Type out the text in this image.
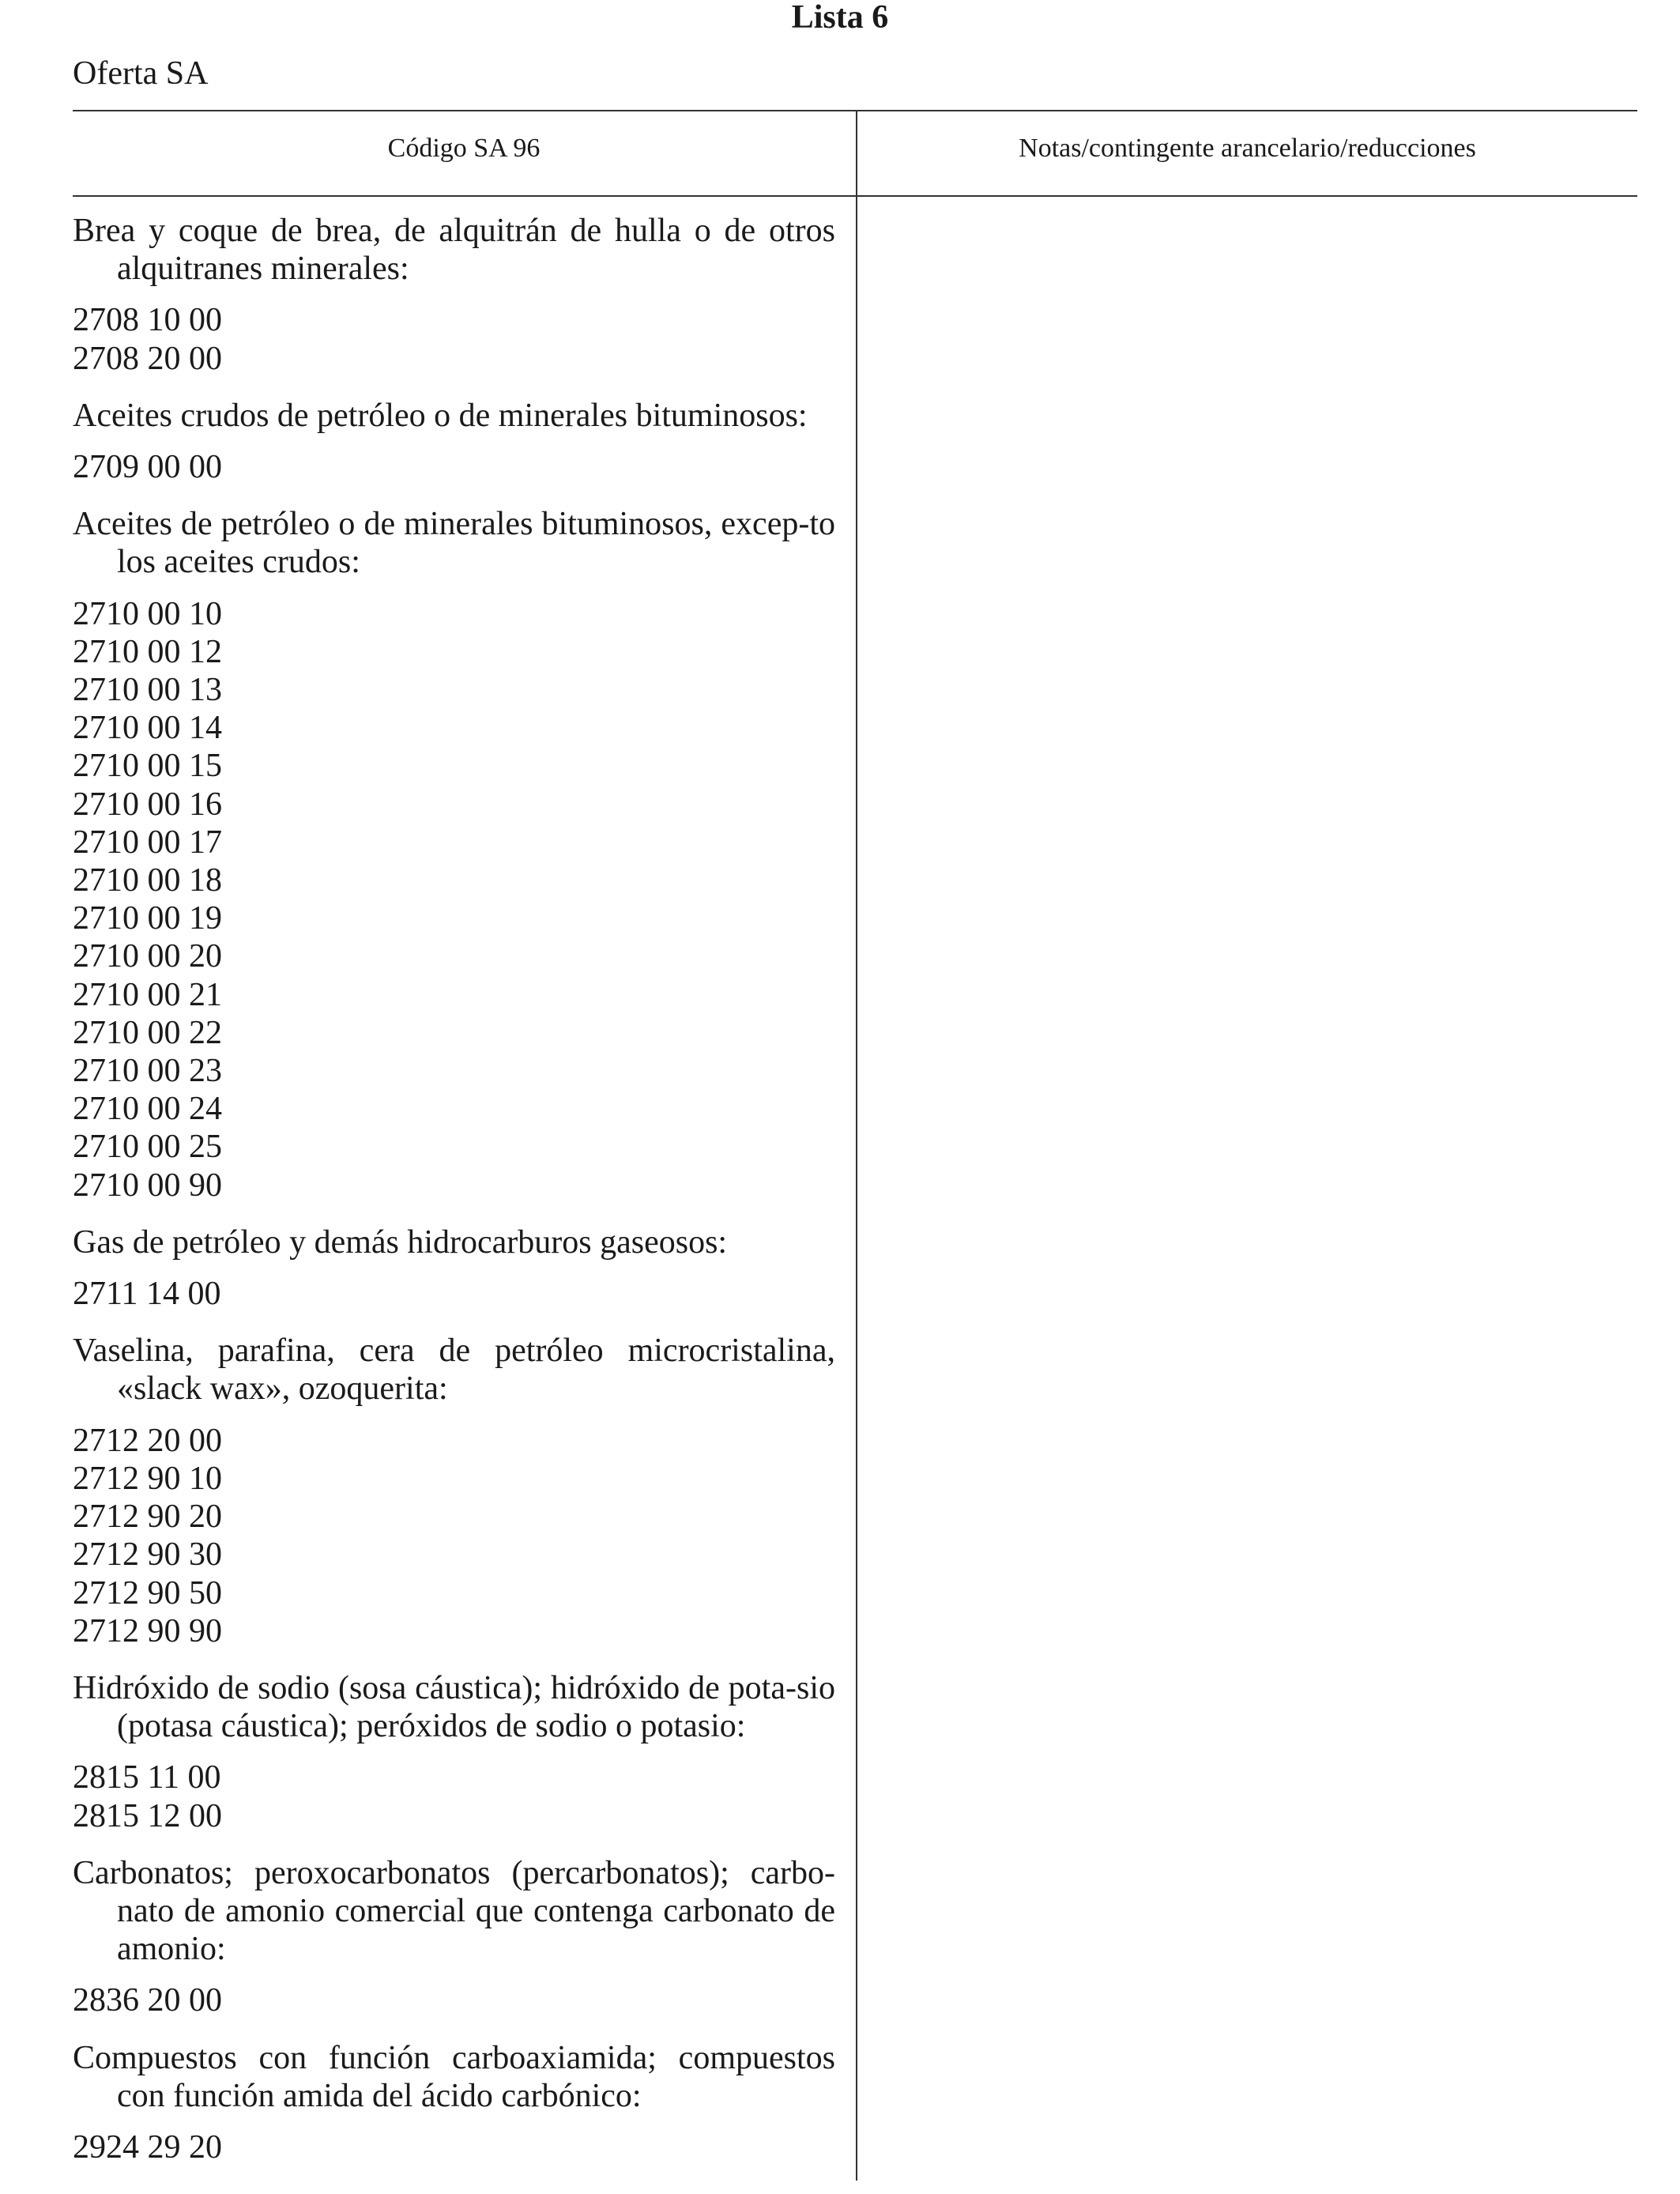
Lista 6
Oferta SA
Código SA 96	Notas/contingente arancelario/reducciones

Brea y coque de brea, de alquitrán de hulla o de otros alquitranes minerales:

2708 10 00
2708 20 00

Aceites crudos de petróleo o de minerales bituminosos:

2709 00 00

Aceites de petróleo o de minerales bituminosos, excep-to los aceites crudos:

2710 00 10
2710 00 12
2710 00 13
2710 00 14
2710 00 15
2710 00 16
2710 00 17
2710 00 18
2710 00 19
2710 00 20
2710 00 21
2710 00 22
2710 00 23
2710 00 24
2710 00 25
2710 00 90

Gas de petróleo y demás hidrocarburos gaseosos:

2711 14 00

Vaselina, parafina, cera de petróleo microcristalina, «slack wax», ozoquerita:

2712 20 00
2712 90 10
2712 90 20
2712 90 30
2712 90 50
2712 90 90

Hidróxido de sodio (sosa cáustica); hidróxido de pota-sio (potasa cáustica); peróxidos de sodio o potasio:

2815 11 00
2815 12 00

Carbonatos; peroxocarbonatos (percarbonatos); carbo-nato de amonio comercial que contenga carbonato de amonio:

2836 20 00

Compuestos con función carboaxiamida; compuestos con función amida del ácido carbónico:

2924 29 20
